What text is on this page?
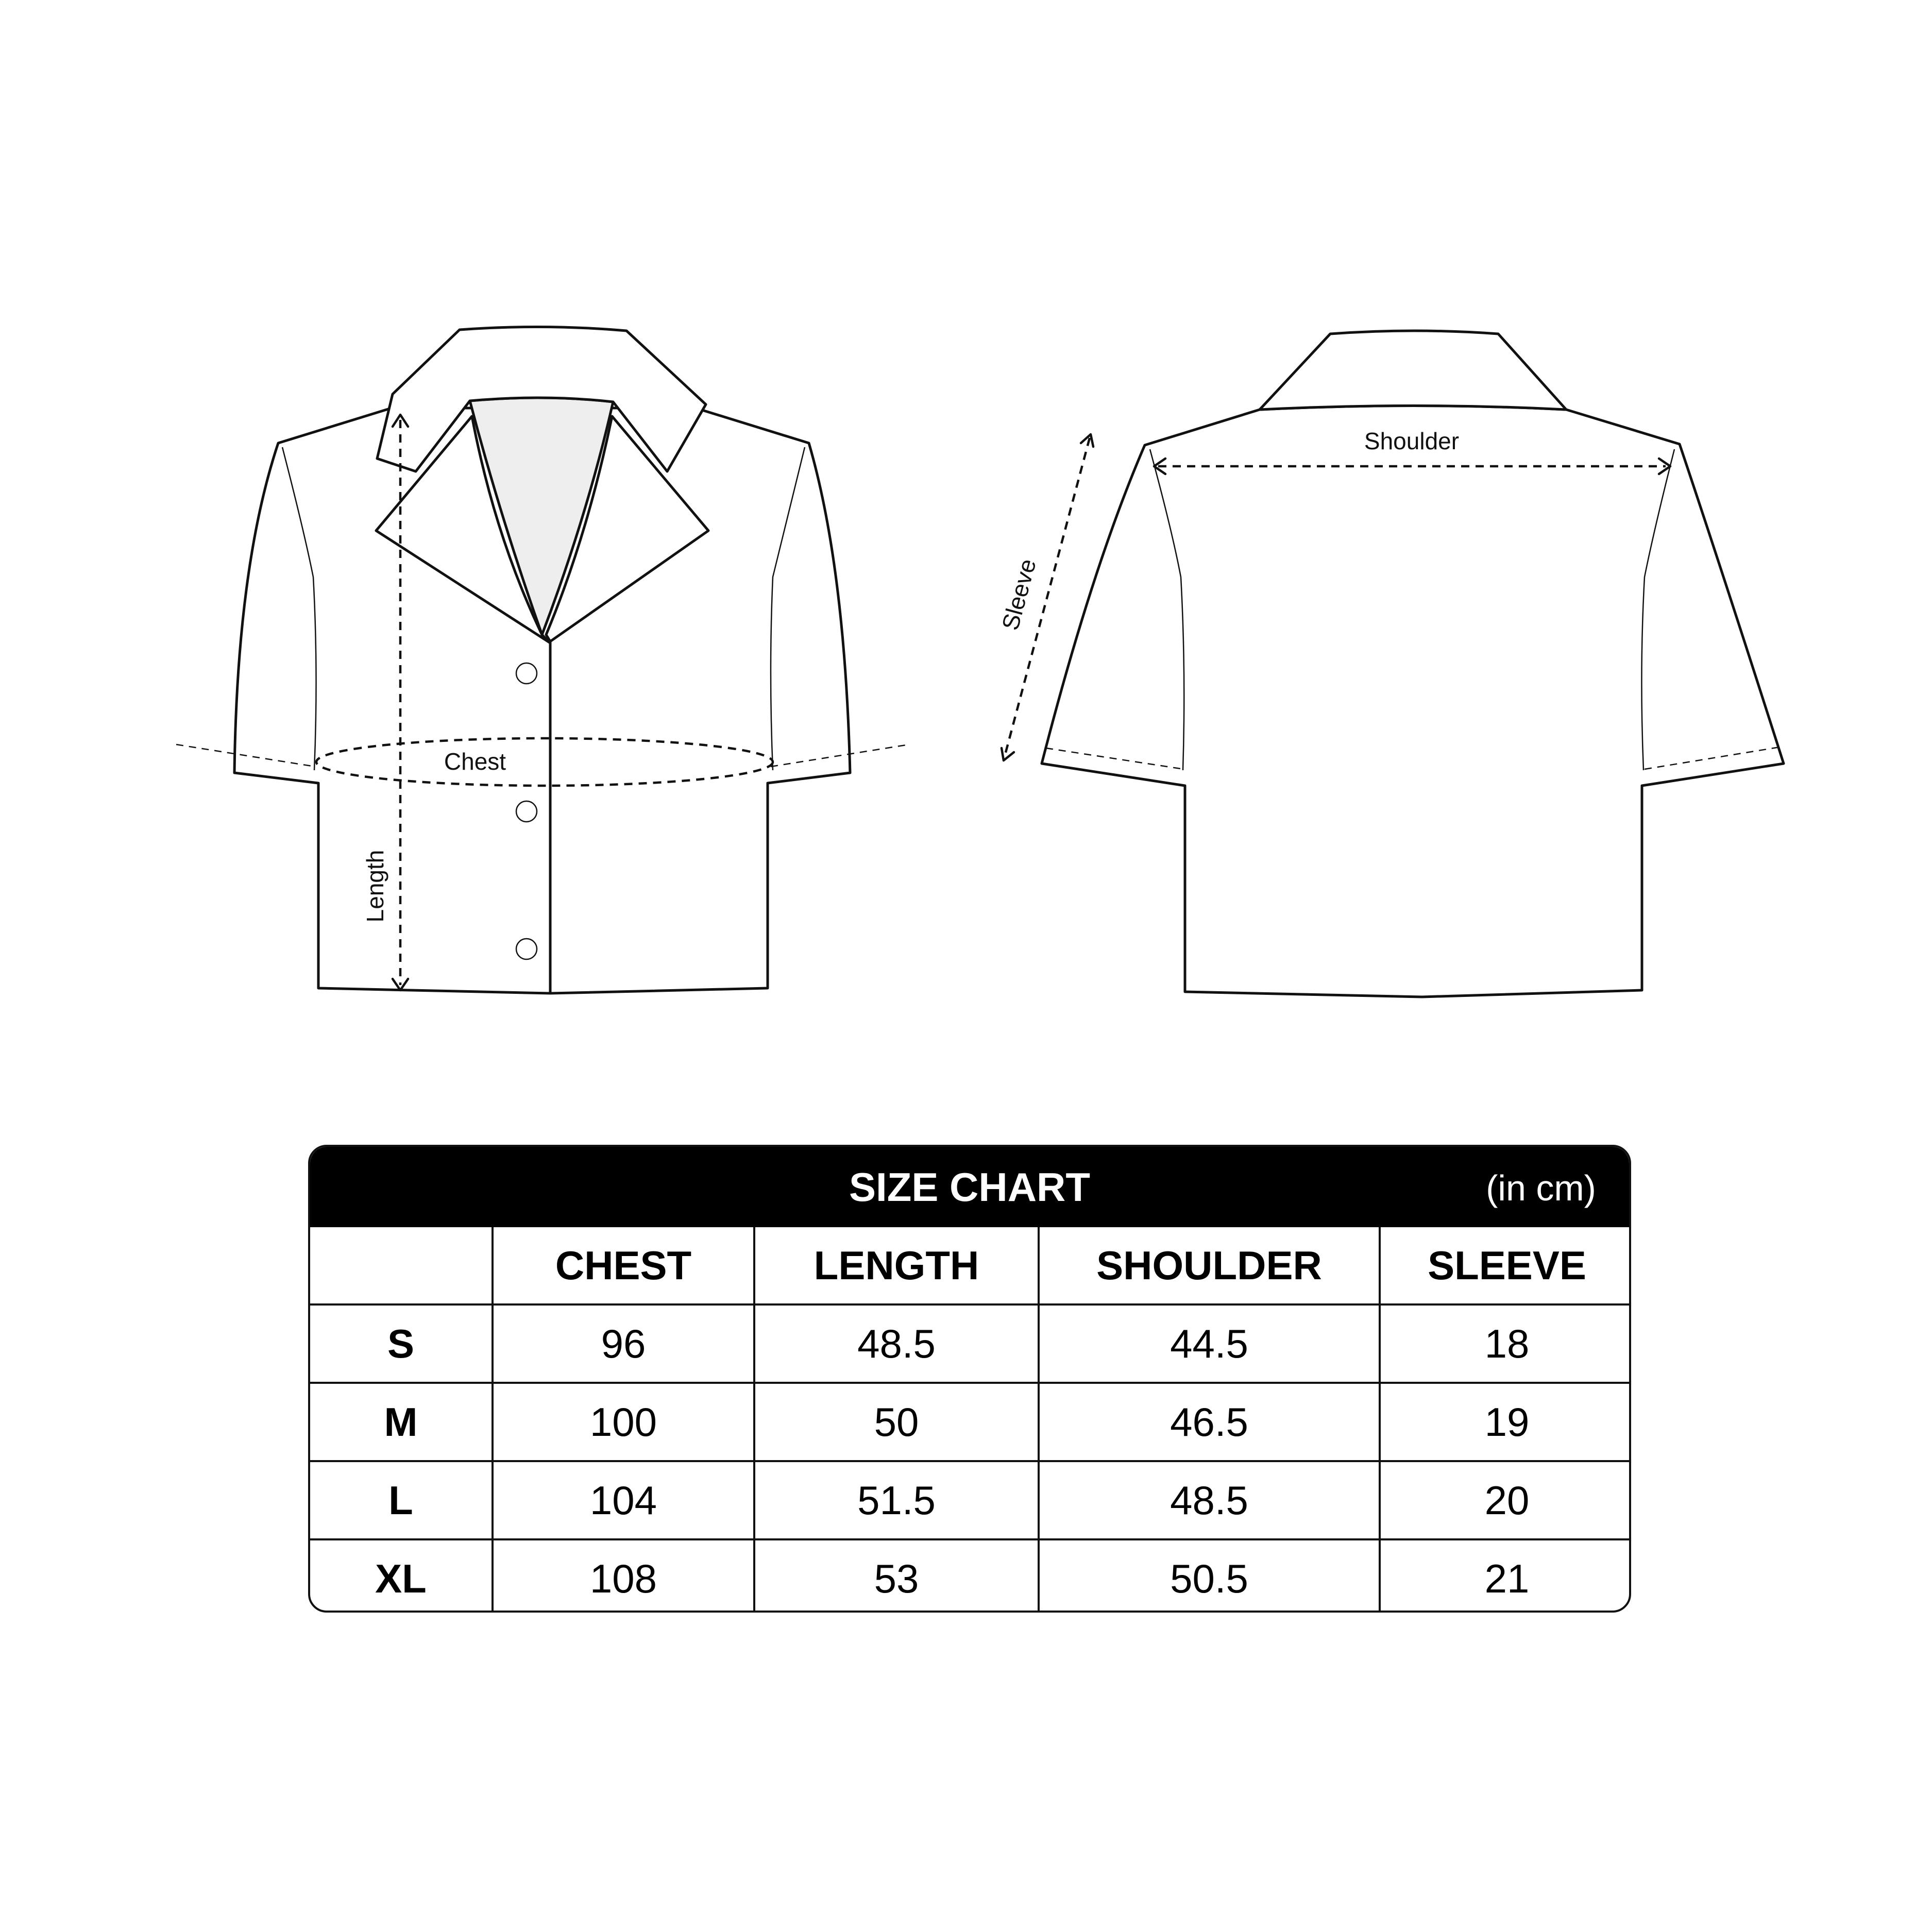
Chest
Length
Shoulder
Sleeve
SIZE CHART	(in cm)
	CHEST	LENGTH	SHOULDER	SLEEVE
S	96	48.5	44.5	18
M	100	50	46.5	19
L	104	51.5	48.5	20
XL	108	53	50.5	21
